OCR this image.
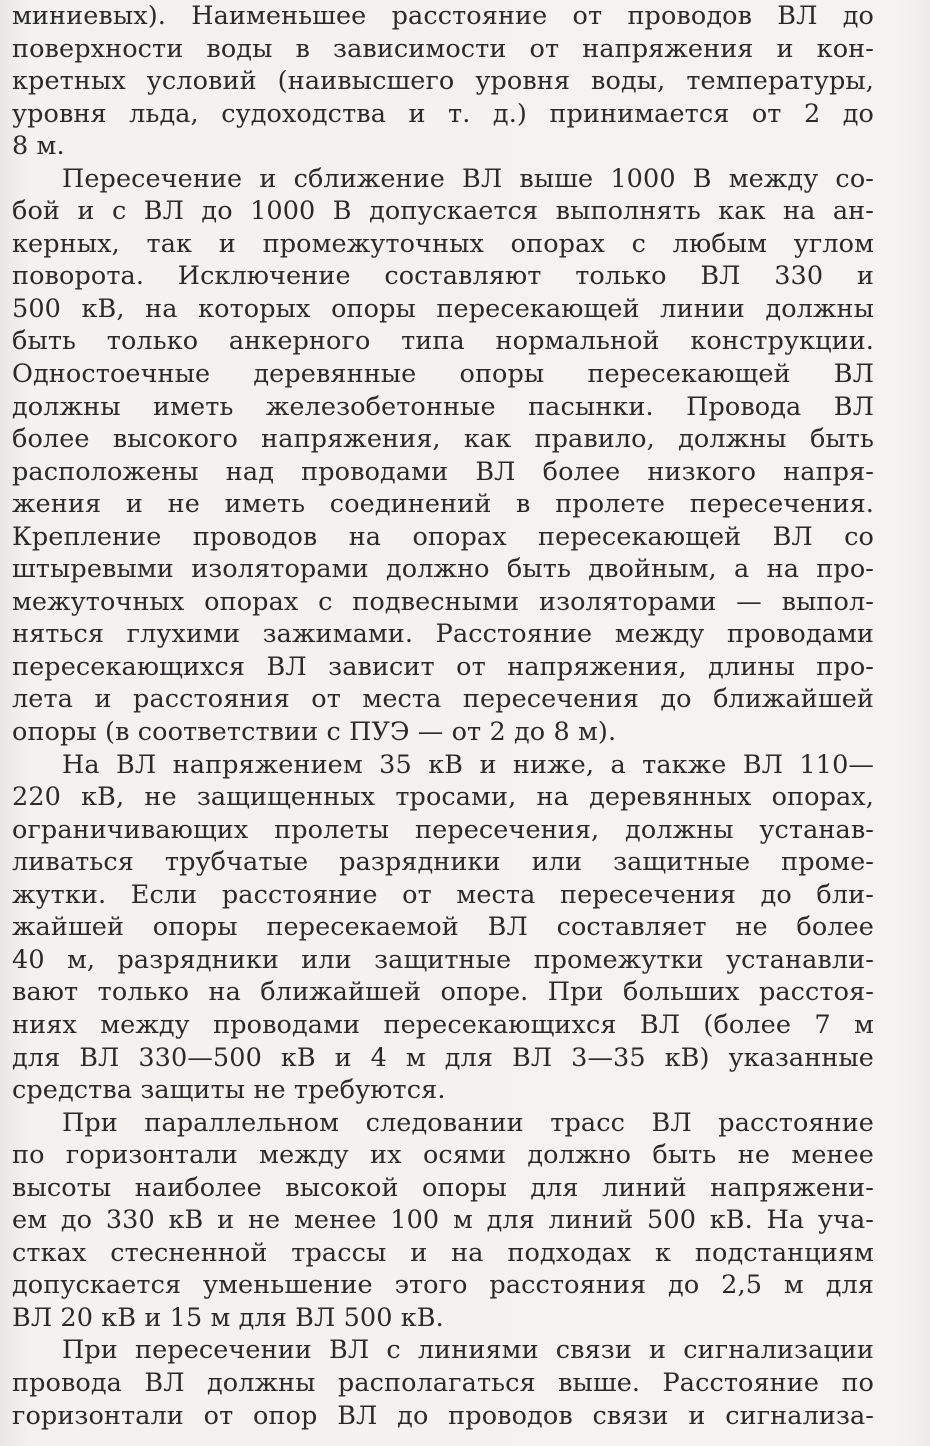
миниевых). Наименьшее расстояние от проводов ВЛ до
поверхности воды в зависимости от напряжения и кон-
кретных условий (наивысшего уровня воды, температуры,
уровня льда, судоходства и т. д.) принимается от 2 до
8 м.

Пересечение и сближение ВЛ выше 1000 В между со-
бой и с ВЛ до 1000 В допускается выполнять как на ан-
керных, так и промежуточных опорах с любым углом
поворота. Исключение составляют только ВЛ 330 и
500 кВ, на которых опоры пересекающей линии должны
быть только анкерного типа нормальной конструкции.
Одностоечные деревянные опоры пересекающей ВЛ
должны иметь железобетонные пасынки. Провода ВЛ
более высокого напряжения, как правило, должны быть
расположены над проводами ВЛ более низкого напря-
жения и не иметь соединений в пролете пересечения.
Крепление проводов на опорах пересекающей ВЛ со
штыревыми изоляторами должно быть двойным, а на про-
межуточных опорах с подвесными изоляторами — выпол-
няться глухими зажимами. Расстояние между проводами
пересекающихся ВЛ зависит от напряжения, длины про-
лета и расстояния от места пересечения до ближайшей
опоры (в соответствии с ПУЭ — от 2 до 8 м).

На ВЛ напряжением 35 кВ и ниже, а также ВЛ 110—
220 кВ, не защищенных тросами, на деревянных опорах,
ограничивающих пролеты пересечения, должны устанав-
ливаться трубчатые разрядники или защитные проме-
жутки. Если расстояние от места пересечения до бли-
жайшей опоры пересекаемой ВЛ составляет не более
40 м, разрядники или защитные промежутки устанавли-
вают только на ближайшей опоре. При больших расстоя-
ниях между проводами пересекающихся ВЛ (более 7 м
для ВЛ 330—500 кВ и 4 м для ВЛ 3—35 кВ) указанные
средства защиты не требуются.

При параллельном следовании трасс ВЛ расстояние
по горизонтали между их осями должно быть не менее
высоты наиболее высокой опоры для линий напряжени-
ем до 330 кВ и не менее 100 м для линий 500 кВ. На уча-
стках стесненной трассы и на подходах к подстанциям
допускается уменьшение этого расстояния до 2,5 м для
ВЛ 20 кВ и 15 м для ВЛ 500 кВ.

При пересечении ВЛ с линиями связи и сигнализации
провода ВЛ должны располагаться выше. Расстояние по
горизонтали от опор ВЛ до проводов связи и сигнализа-
